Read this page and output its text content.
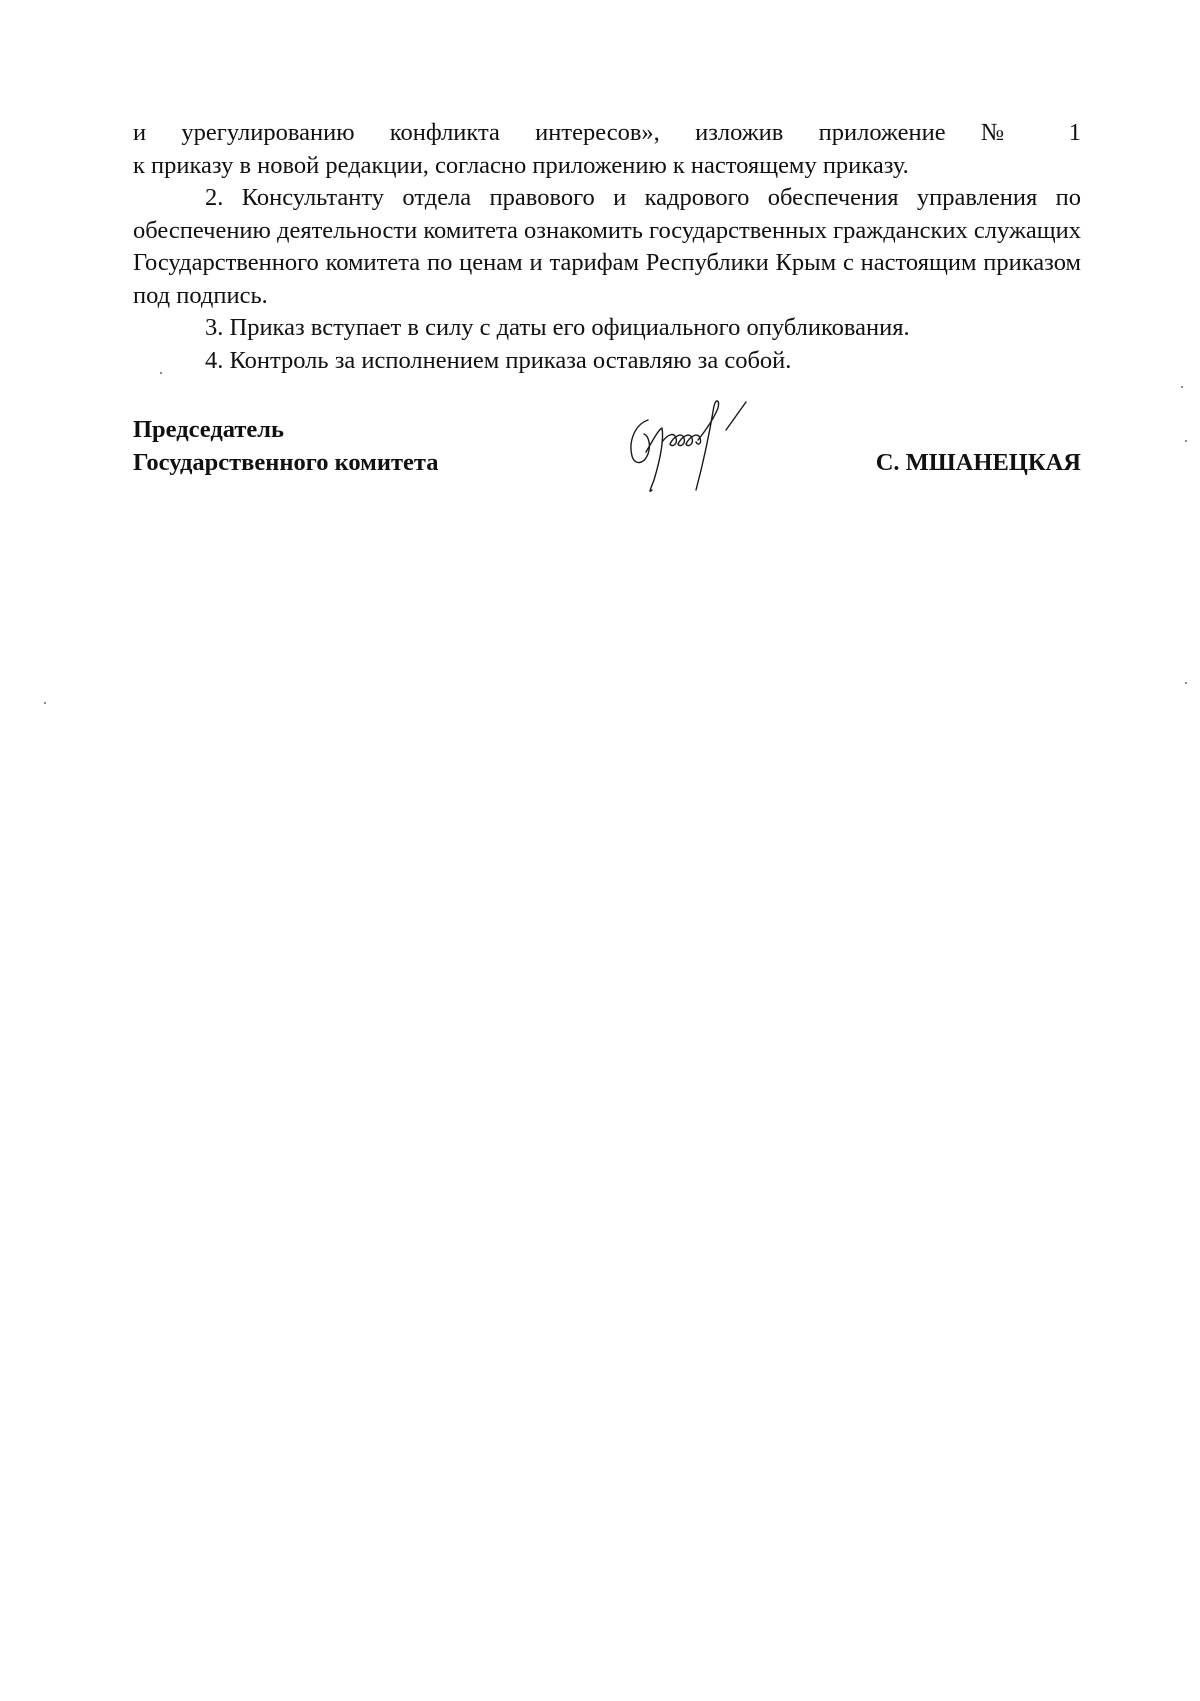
и урегулированию конфликта интересов», изложив приложение № 1

к приказу в новой редакции, согласно приложению к настоящему приказу.

2. Консультанту отдела правового и кадрового обеспечения управления по обеспечению деятельности комитета ознакомить государственных гражданских служащих Государственного комитета по ценам и тарифам Республики Крым с настоящим приказом под подпись.

3. Приказ вступает в силу с даты его официального опубликования.

4. Контроль за исполнением приказа оставляю за собой.

Председатель
Государственного комитета	С. МШАНЕЦКАЯ
